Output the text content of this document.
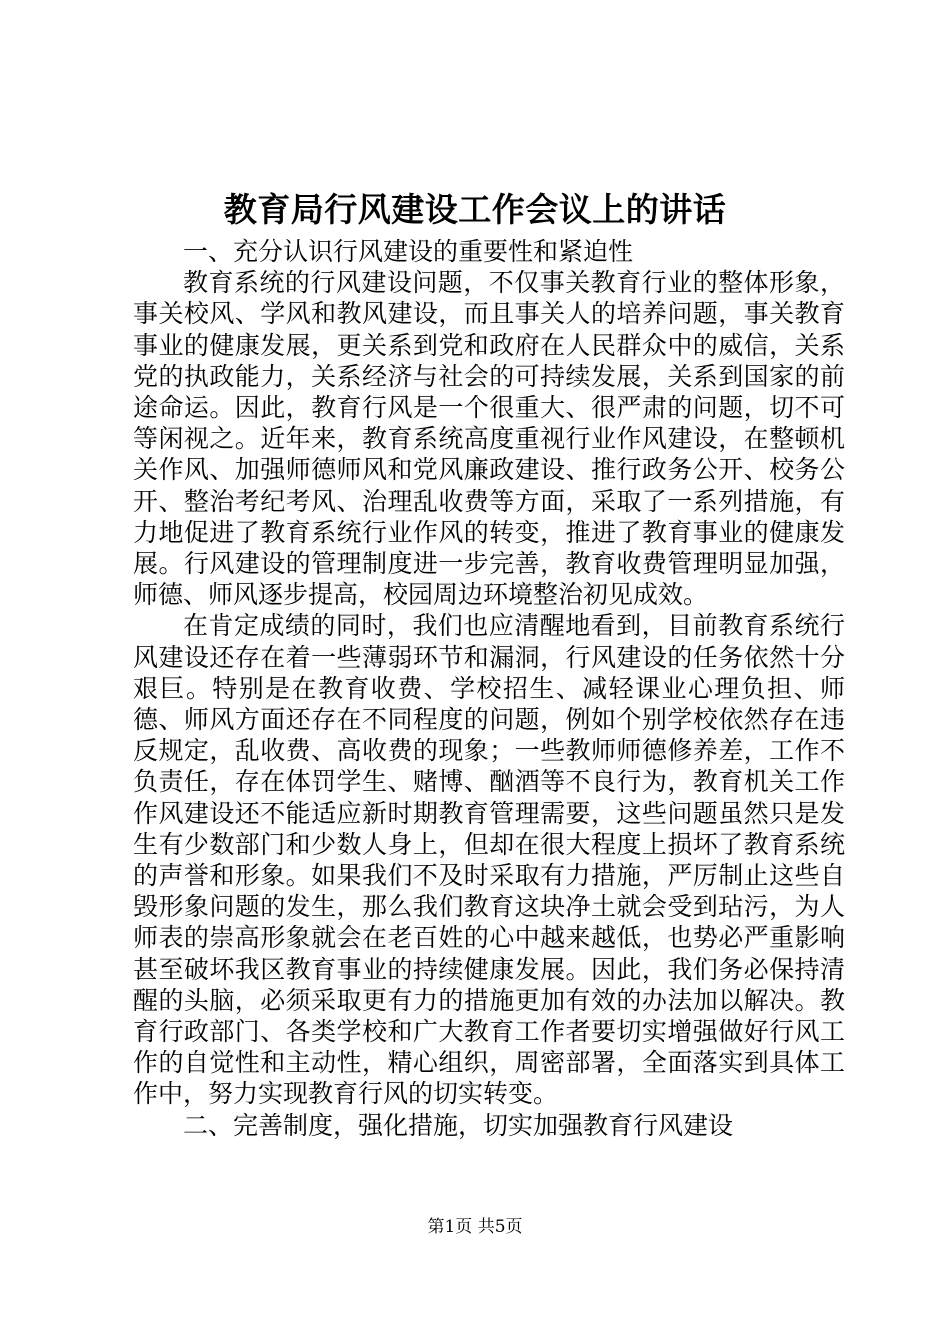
教育局行风建设工作会议上的讲话

一、充分认识行风建设的重要性和紧迫性

教育系统的行风建设问题，不仅事关教育行业的整体形象，事关校风、学风和教风建设，而且事关人的培养问题，事关教育事业的健康发展，更关系到党和政府在人民群众中的威信，关系党的执政能力，关系经济与社会的可持续发展，关系到国家的前途命运。因此，教育行风是一个很重大、很严肃的问题，切不可等闲视之。近年来，教育系统高度重视行业作风建设，在整顿机关作风、加强师德师风和党风廉政建设、推行政务公开、校务公开、整治考纪考风、治理乱收费等方面，采取了一系列措施，有力地促进了教育系统行业作风的转变，推进了教育事业的健康发展。行风建设的管理制度进一步完善，教育收费管理明显加强，师德、师风逐步提高，校园周边环境整治初见成效。

在肯定成绩的同时，我们也应清醒地看到，目前教育系统行风建设还存在着一些薄弱环节和漏洞，行风建设的任务依然十分艰巨。特别是在教育收费、学校招生、减轻课业心理负担、师德、师风方面还存在不同程度的问题，例如个别学校依然存在违反规定，乱收费、高收费的现象；一些教师师德修养差，工作不负责任，存在体罚学生、赌博、酗酒等不良行为，教育机关工作作风建设还不能适应新时期教育管理需要，这些问题虽然只是发生有少数部门和少数人身上，但却在很大程度上损坏了教育系统的声誉和形象。如果我们不及时采取有力措施，严厉制止这些自毁形象问题的发生，那么我们教育这块净土就会受到玷污，为人师表的崇高形象就会在老百姓的心中越来越低，也势必严重影响甚至破坏我区教育事业的持续健康发展。因此，我们务必保持清醒的头脑，必须采取更有力的措施更加有效的办法加以解决。教育行政部门、各类学校和广大教育工作者要切实增强做好行风工作的自觉性和主动性，精心组织，周密部署，全面落实到具体工作中，努力实现教育行风的切实转变。

二、完善制度，强化措施，切实加强教育行风建设

第1页 共5页
